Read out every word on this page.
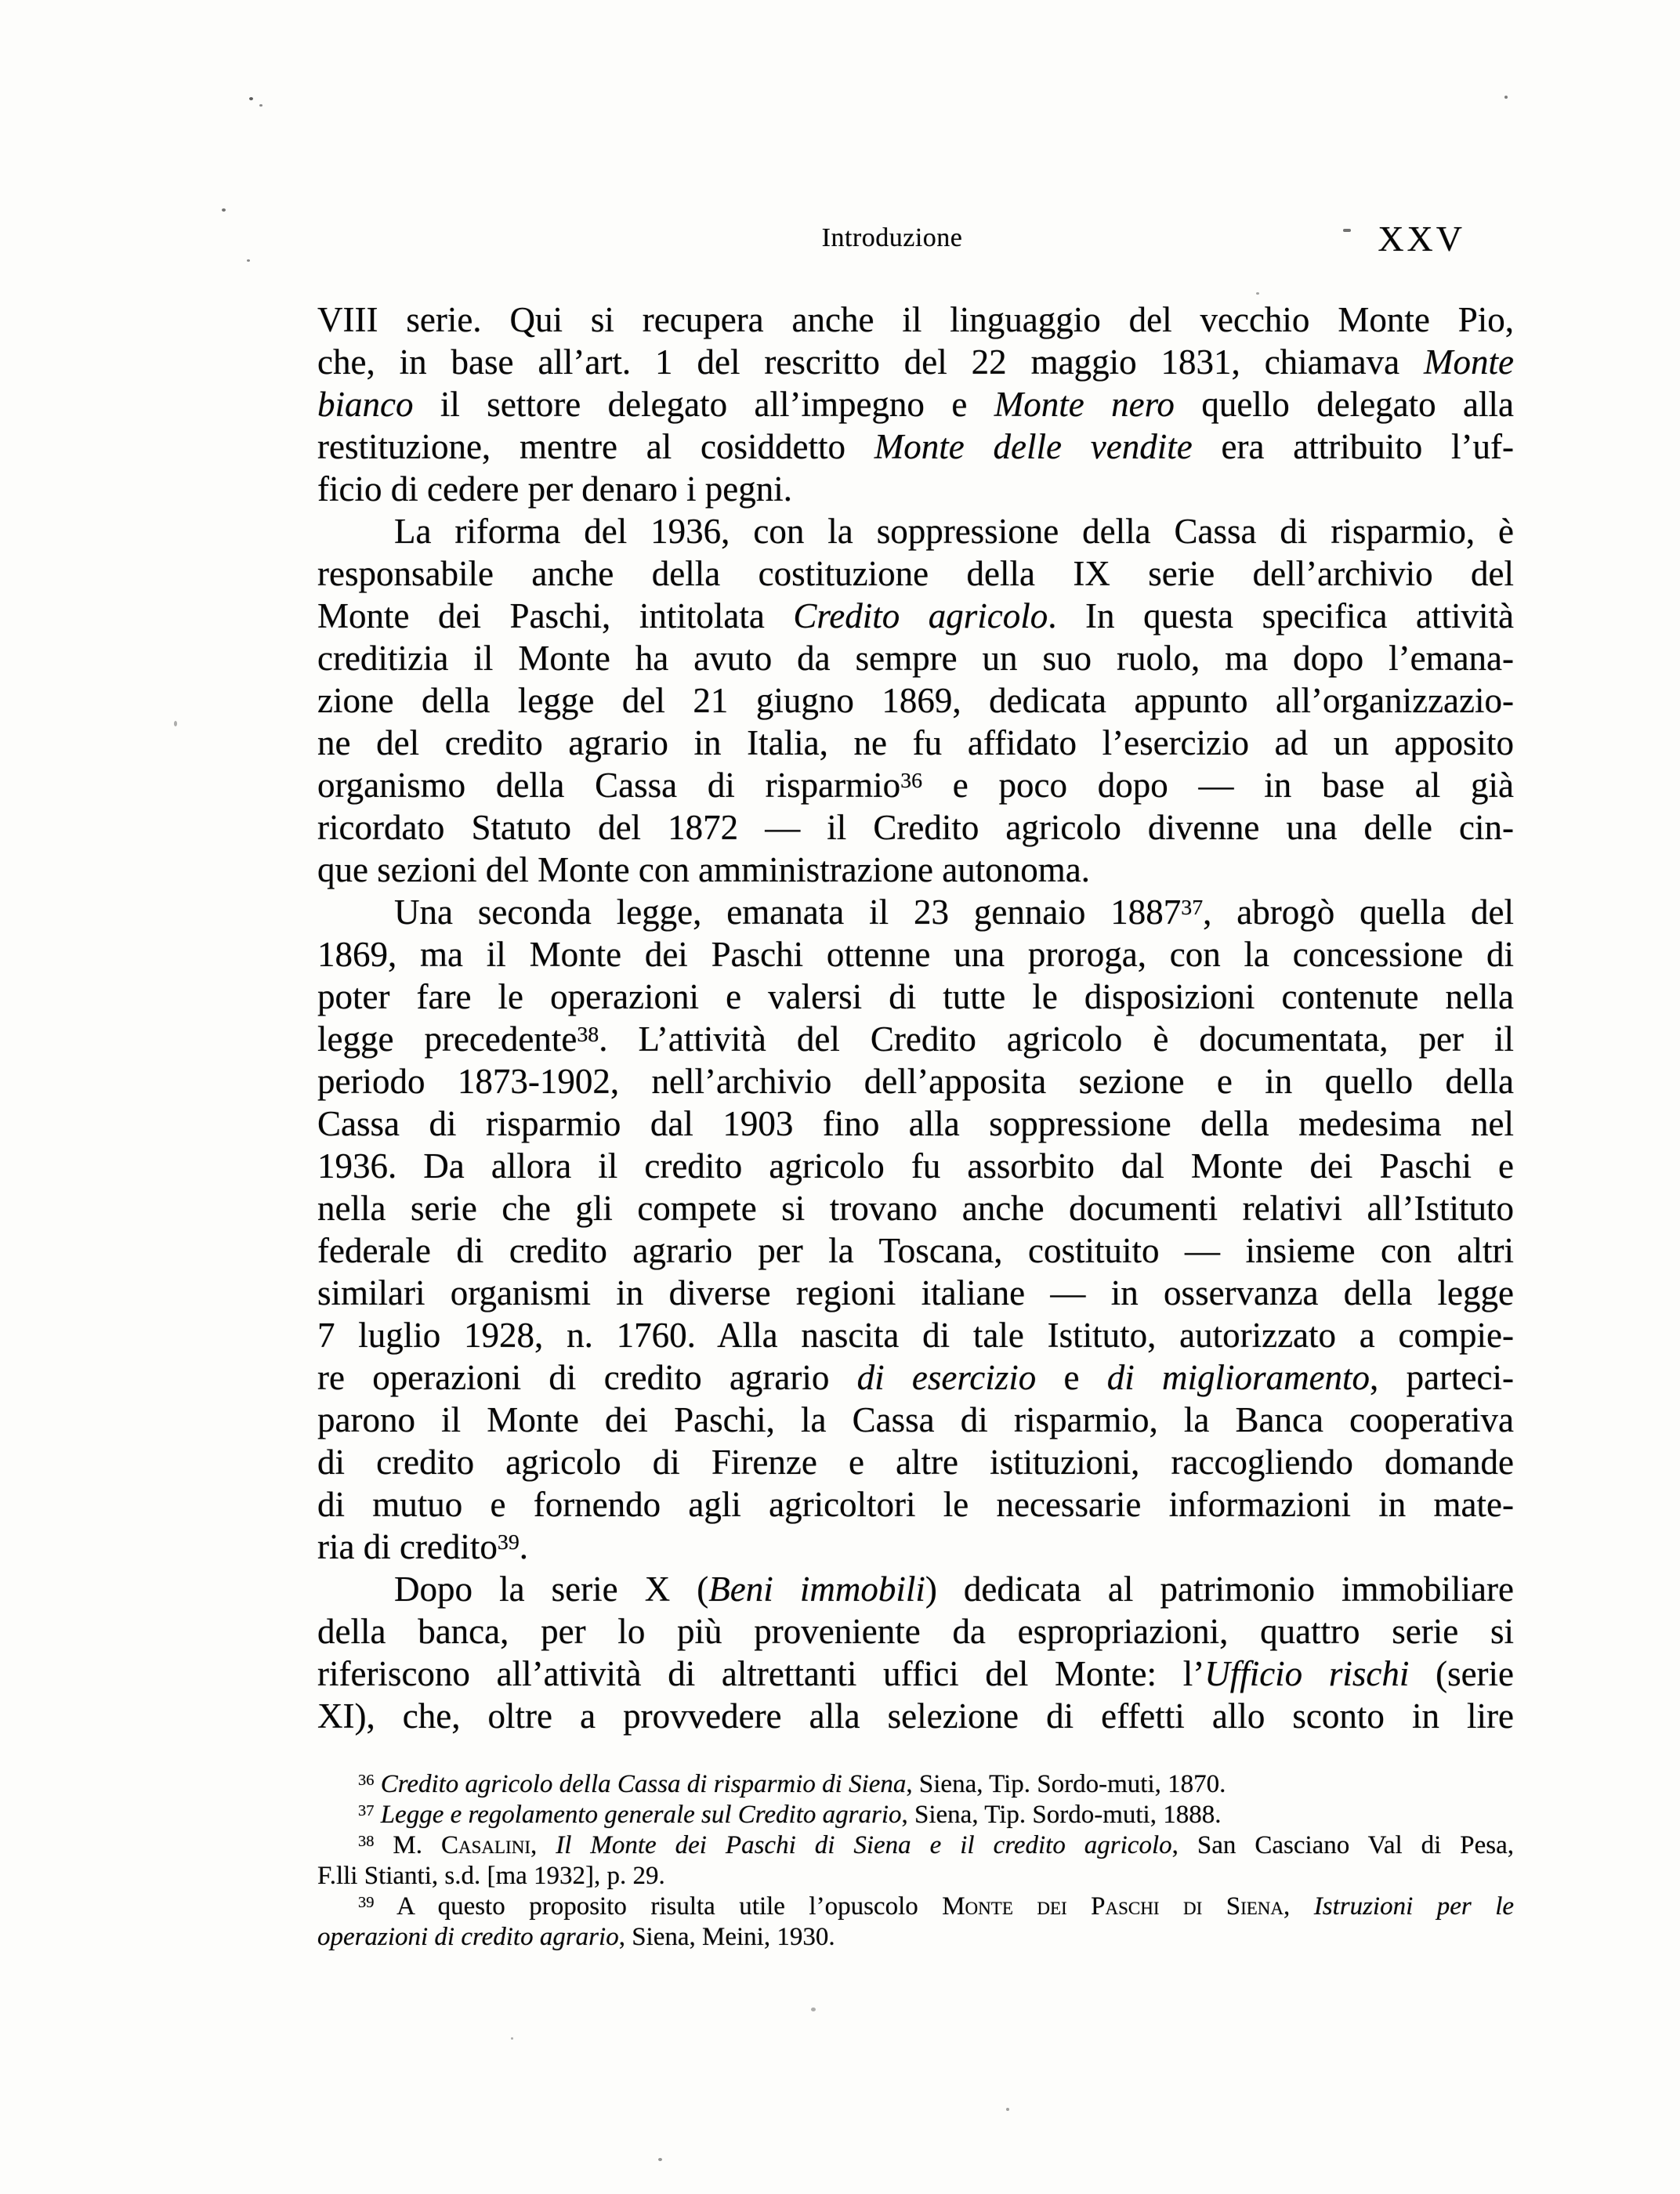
Introduzione	XXV
VIII serie. Qui si recupera anche il linguaggio del vecchio Monte Pio,
che, in base all’art. 1 del rescritto del 22 maggio 1831, chiamava Monte
bianco il settore delegato all’impegno e Monte nero quello delegato alla
restituzione, mentre al cosiddetto Monte delle vendite era attribuito l’uf-
ficio di cedere per denaro i pegni.
La riforma del 1936, con la soppressione della Cassa di risparmio, è
responsabile anche della costituzione della IX serie dell’archivio del
Monte dei Paschi, intitolata Credito agricolo. In questa specifica attività
creditizia il Monte ha avuto da sempre un suo ruolo, ma dopo l’emana-
zione della legge del 21 giugno 1869, dedicata appunto all’organizzazio-
ne del credito agrario in Italia, ne fu affidato l’esercizio ad un apposito
organismo della Cassa di risparmio$^{36}$ e poco dopo — in base al già
ricordato Statuto del 1872 — il Credito agricolo divenne una delle cin-
que sezioni del Monte con amministrazione autonoma.
Una seconda legge, emanata il 23 gennaio 1887$^{37}$, abrogò quella del
1869, ma il Monte dei Paschi ottenne una proroga, con la concessione di
poter fare le operazioni e valersi di tutte le disposizioni contenute nella
legge precedente$^{38}$. L’attività del Credito agricolo è documentata, per il
periodo 1873-1902, nell’archivio dell’apposita sezione e in quello della
Cassa di risparmio dal 1903 fino alla soppressione della medesima nel
1936. Da allora il credito agricolo fu assorbito dal Monte dei Paschi e
nella serie che gli compete si trovano anche documenti relativi all’Istituto
federale di credito agrario per la Toscana, costituito — insieme con altri
similari organismi in diverse regioni italiane — in osservanza della legge
7 luglio 1928, n. 1760. Alla nascita di tale Istituto, autorizzato a compie-
re operazioni di credito agrario di esercizio e di miglioramento, parteci-
parono il Monte dei Paschi, la Cassa di risparmio, la Banca cooperativa
di credito agricolo di Firenze e altre istituzioni, raccogliendo domande
di mutuo e fornendo agli agricoltori le necessarie informazioni in mate-
ria di credito$^{39}$.
Dopo la serie X (Beni immobili) dedicata al patrimonio immobiliare
della banca, per lo più proveniente da espropriazioni, quattro serie si
riferiscono all’attività di altrettanti uffici del Monte: l’Ufficio rischi (serie
XI), che, oltre a provvedere alla selezione di effetti allo sconto in lire
$^{36}$ Credito agricolo della Cassa di risparmio di Siena, Siena, Tip. Sordo-muti, 1870.
$^{37}$ Legge e regolamento generale sul Credito agrario, Siena, Tip. Sordo-muti, 1888.
$^{38}$ M. Casalini, Il Monte dei Paschi di Siena e il credito agricolo, San Casciano Val di Pesa,
F.lli Stianti, s.d. [ma 1932], p. 29.
$^{39}$ A questo proposito risulta utile l’opuscolo Monte dei Paschi di Siena, Istruzioni per le
operazioni di credito agrario, Siena, Meini, 1930.
